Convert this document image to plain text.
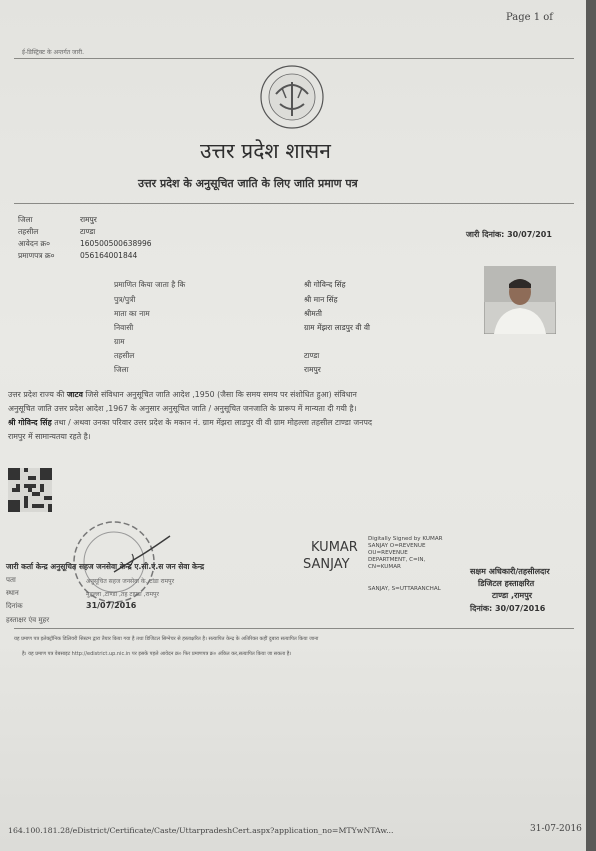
Page 1 of
ई-डिस्ट्रिक्ट के अन्तर्गत जारी.
उत्तर प्रदेश शासन
उत्तर प्रदेश के अनुसूचित जाति के लिए जाति प्रमाण पत्र
जिला	रामपुर
तहसील	टाण्डा
आवेदन क्र०	160500500638996
प्रमाणपत्र क्र०	056164001844
जारी दिनांक: 30/07/201
प्रमाणित किया जाता है कि	श्री गोविन्द सिंह
पुत्र/पुत्री	श्री मान सिंह
माता का नाम	श्रीमती
निवासी	ग्राम मेंझरा लाडपुर वी वी
ग्राम
तहसील	टाण्डा
जिला	रामपुर
उत्तर प्रदेश राज्य की जाटव जिसे संविधान अनुसूचित जाति आदेश ,1950 (जैसा कि समय समय पर संशोधित हुआ) संविधान
अनुसूचित जाति उत्तर प्रदेश आदेश ,1967 के अनुसार अनुसूचित जाति / अनुसूचित जनजाति के प्रारूप में मान्यता दी गयी है।
श्री गोविन्द सिंह तथा / अथवा उनका परिवार उत्तर प्रदेश के मकान नं. ग्राम मेंझरा लाडपुर वी वी ग्राम मोहल्ला तहसील टाण्डा जनपद
रामपुर में सामान्यतया रहते है।
जारी कर्ता केन्द्र अनुसूचित सहज जनसेवा केन्द्र ए.सी.ए.स जन सेवा केन्द्र
पता	अनुसूचित सहज जनसेवा के.,टांडा रामपुर
स्थान	मुहल्ला ,टाण्डा ,तह टाण्डा ,रामपुर
दिनांक	31/07/2016
हस्ताक्षर एंव मुहर
KUMAR
SANJAY
Digitally Signed by KUMAR
SANJAY O=REVENUE
OU=REVENUE
DEPARTMENT, C=IN,
CN=KUMAR
SANJAY, S=UTTARANCHAL
सक्षम अधिकारी/तहसीलदार
डिजिटल हस्ताक्षरित
टाण्डा ,रामपुर
दिनांक: 30/07/2016
यह प्रमाण पत्र इलेक्ट्रॉनिक डिलिवरी सिस्टम द्वारा तैयार किया गया है तथा डिजिटल सिग्नेचर से हस्ताक्षरित है। सत्यापित केन्द्र के अतिरिक्त कहीं दुबारा सत्यापित किया जाना
है। यह प्रमाण पत्र वेबसाइट http://edistrict.up.nic.in पर इसके पहले आवेदन क्र० फिर प्रमाणपत्र क्र० अंकित कर,सत्यापित किया जा सकता है।
164.100.181.28/eDistrict/Certificate/Caste/UttarpradeshCert.aspx?application_no=MTYwNTAw...	31-07-2016
